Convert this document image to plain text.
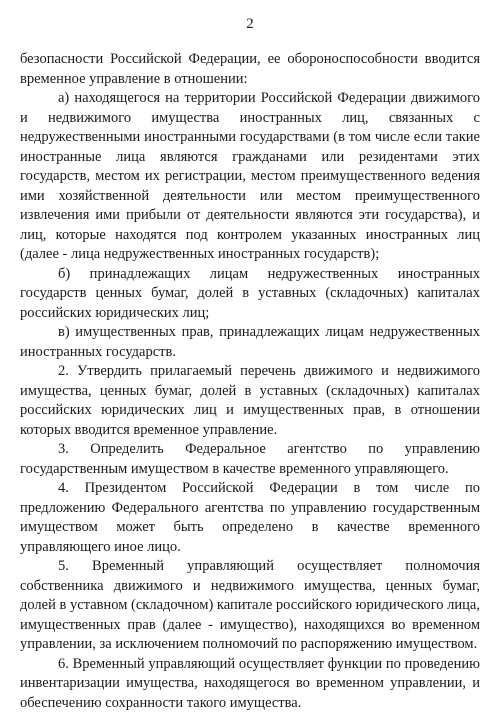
2

безопасности Российской Федерации, ее обороноспособности вводится временное управление в отношении:

а) находящегося на территории Российской Федерации движимого и недвижимого имущества иностранных лиц, связанных с недружественными иностранными государствами (в том числе если такие иностранные лица являются гражданами или резидентами этих государств, местом их регистрации, местом преимущественного ведения ими хозяйственной деятельности или местом преимущественного извлечения ими прибыли от деятельности являются эти государства), и лиц, которые находятся под контролем указанных иностранных лиц (далее - лица недружественных иностранных государств);

б) принадлежащих лицам недружественных иностранных государств ценных бумаг, долей в уставных (складочных) капиталах российских юридических лиц;

в) имущественных прав, принадлежащих лицам недружественных иностранных государств.

2. Утвердить прилагаемый перечень движимого и недвижимого имущества, ценных бумаг, долей в уставных (складочных) капиталах российских юридических лиц и имущественных прав, в отношении которых вводится временное управление.

3. Определить Федеральное агентство по управлению государственным имуществом в качестве временного управляющего.

4. Президентом Российской Федерации в том числе по предложению Федерального агентства по управлению государственным имуществом может быть определено в качестве временного управляющего иное лицо.

5. Временный управляющий осуществляет полномочия собственника движимого и недвижимого имущества, ценных бумаг, долей в уставном (складочном) капитале российского юридического лица, имущественных прав (далее - имущество), находящихся во временном управлении, за исключением полномочий по распоряжению имуществом.

6. Временный управляющий осуществляет функции по проведению инвентаризации имущества, находящегося во временном управлении, и обеспечению сохранности такого имущества.
